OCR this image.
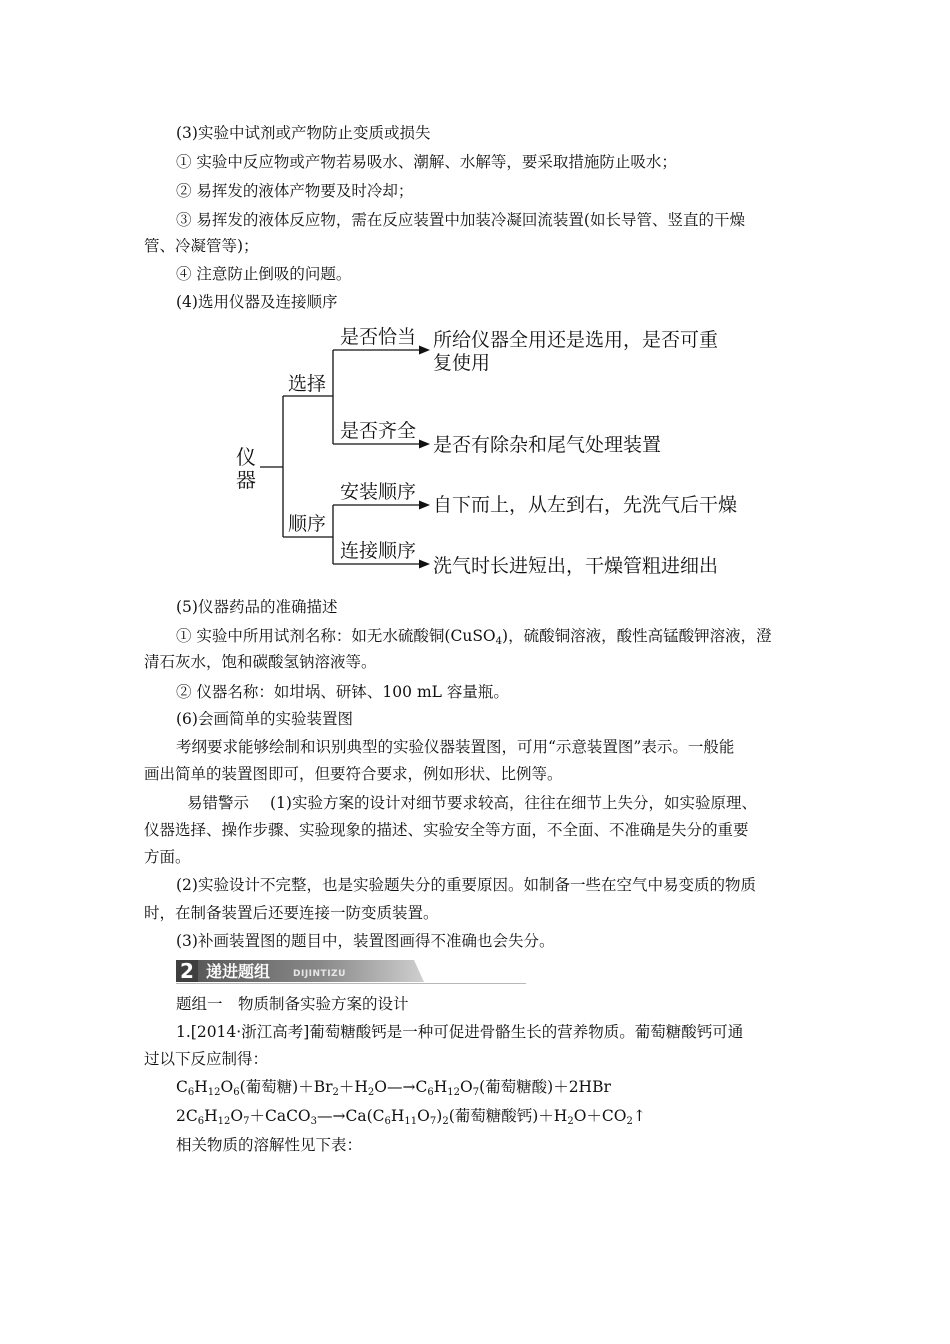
(3)实验中试剂或产物防止变质或损失
① 实验中反应物或产物若易吸水、潮解、水解等，要采取措施防止吸水；
② 易挥发的液体产物要及时冷却；
③ 易挥发的液体反应物，需在反应装置中加装冷凝回流装置(如长导管、竖直的干燥
管、冷凝管等)；
④ 注意防止倒吸的问题。
(4)选用仪器及连接顺序
仪
器
选择
是否恰当 所给仪器全用还是选用，是否可重
复使用
是否齐全
是否有除杂和尾气处理装置
顺序
安装顺序
自下而上，从左到右，先洗气后干燥
连接顺序
洗气时长进短出，干燥管粗进细出
(5)仪器药品的准确描述
① 实验中所用试剂名称：如无水硫酸铜(CuSO$_4$)，硫酸铜溶液，酸性高锰酸钾溶液，澄
清石灰水，饱和碳酸氢钠溶液等。
② 仪器名称：如坩埚、研钵、100 mL 容量瓶。
(6)会画简单的实验装置图
考纲要求能够绘制和识别典型的实验仪器装置图，可用“示意装置图”表示。一般能
画出简单的装置图即可，但要符合要求，例如形状、比例等。
易错警示 (1)实验方案的设计对细节要求较高，往往在细节上失分，如实验原理、
仪器选择、操作步骤、实验现象的描述、实验安全等方面，不全面、不准确是失分的重要
方面。
(2)实验设计不完整，也是实验题失分的重要原因。如制备一些在空气中易变质的物质
时，在制备装置后还要连接一防变质装置。
(3)补画装置图的题目中，装置图画得不准确也会失分。
2 递进题组	DIJINTIZU
题组一　物质制备实验方案的设计
1.[2014·浙江高考]葡萄糖酸钙是一种可促进骨骼生长的营养物质。葡萄糖酸钙可通
过以下反应制得：
$C_6H_{12}O_6$(葡萄糖)$+Br_2+H_2O—\to C_6H_{12}O_7$(葡萄糖酸)＋2HBr
$2C_6H_{12}O_7+CaCO_3—\to Ca(C_6H_{11}O_7)_2$(葡萄糖酸钙)$+H_2O+CO_2↑$
相关物质的溶解性见下表：
